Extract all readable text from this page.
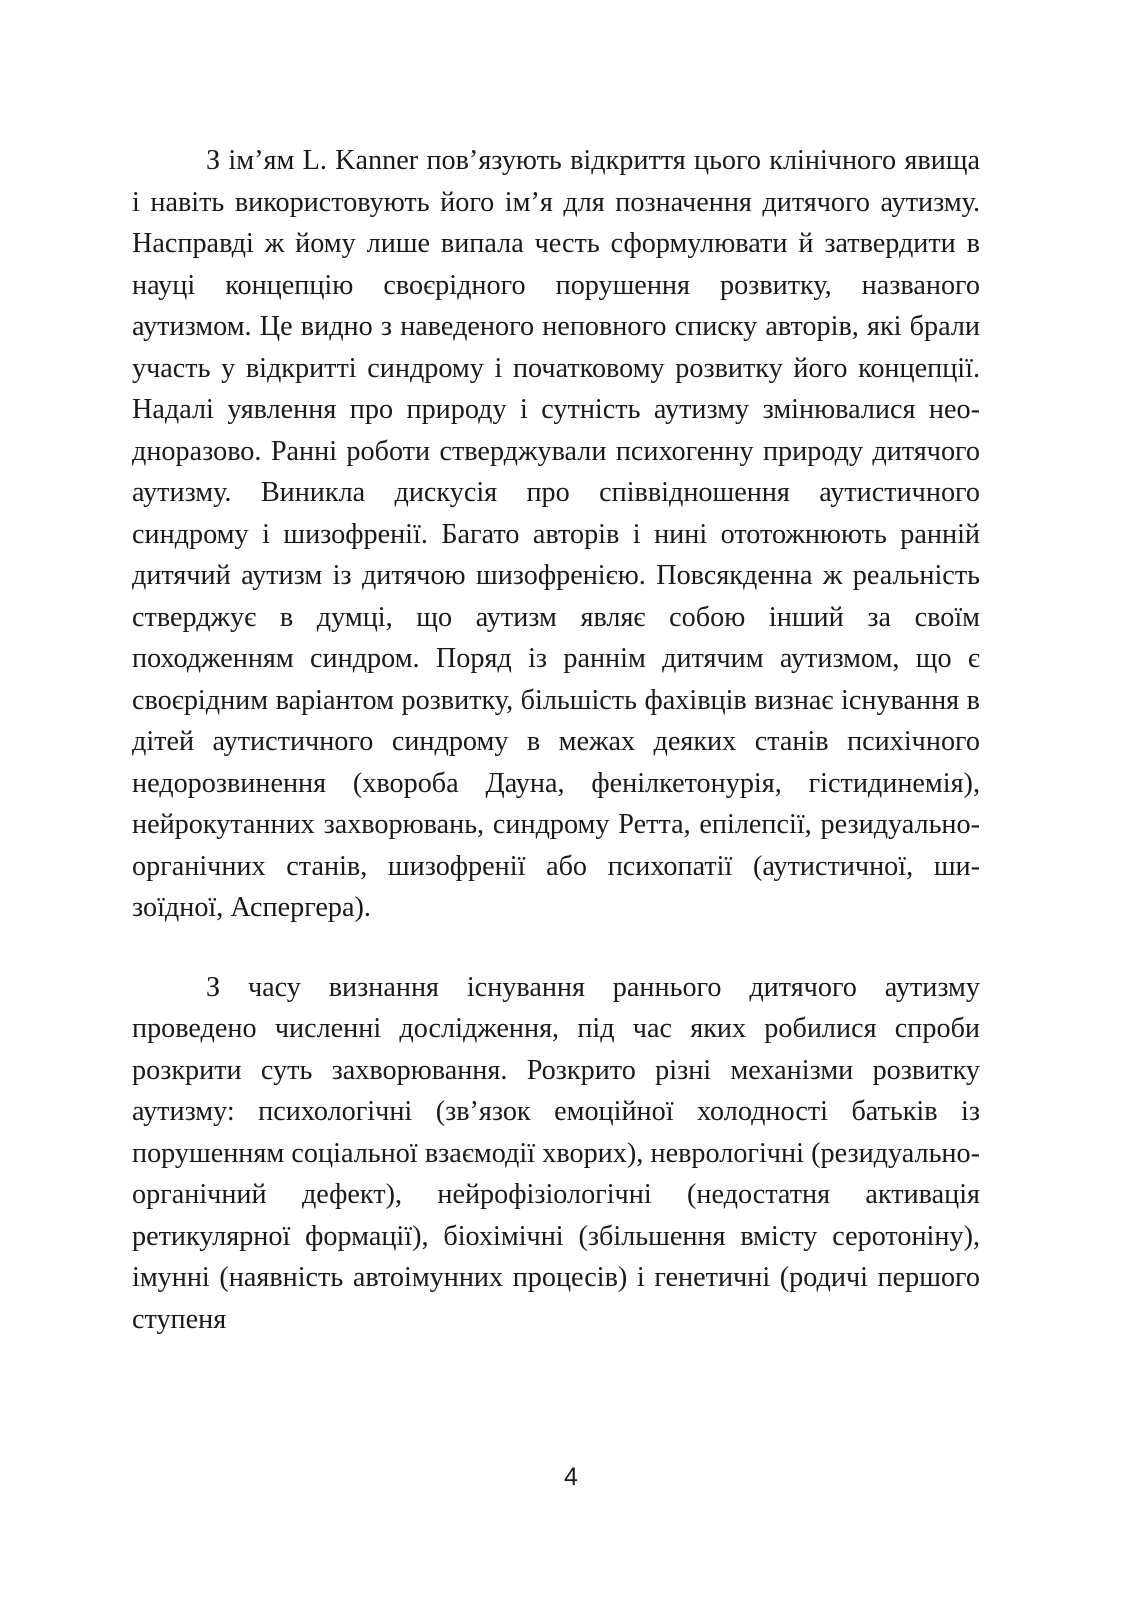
З ім’ям L. Kanner пов’язують відкриття цього клінічного явища і навіть використовують його ім’я для позначення дитячого аутизму. Насправді ж йому лише випала честь сформулювати й затвердити в науці концепцію своєрідного порушення розвитку, названого аутизмом. Це видно з наведеного неповного списку авторів, які брали участь у відкритті синдрому і початковому розвитку його концепції. Надалі уявлення про природу і сутність аутизму змінювалися неодноразово. Ранні роботи стверджували психогенну природу дитячого аутизму. Виникла дискусія про співвідношення аутистичного синдрому і шизофренії. Багато авторів і нині ототожнюють ранній дитячий аутизм із дитячою шизофренією. Повсякденна ж реальність стверджує в думці, що аутизм являє собою інший за своїм походженням синдром. Поряд із раннім дитячим аутизмом, що є своєрідним варіантом розвитку, більшість фахівців визнає існування в дітей аутистичного синдрому в межах деяких станів психічного недорозвинення (хвороба Дауна, фенілкетонурія, гістидинемія), нейрокутанних захворювань, синдрому Ретта, епілепсії, резидуально-органічних станів, шизофренії або психопатії (аутистичної, шизоїдної, Аспергера).

З часу визнання існування раннього дитячого аутизму проведено численні дослідження, під час яких робилися спроби розкрити суть захворювання. Розкрито різні механізми розвитку аутизму: психологічні (зв’язок емоційної холодності батьків із порушенням соціальної взаємодії хворих), неврологічні (резидуально-органічний дефект), нейрофізіологічні (недостатня активація ретикулярної формації), біохімічні (збільшення вмісту серотоніну), імунні (наявність автоімунних процесів) і генетичні (родичі першого ступеня

4
